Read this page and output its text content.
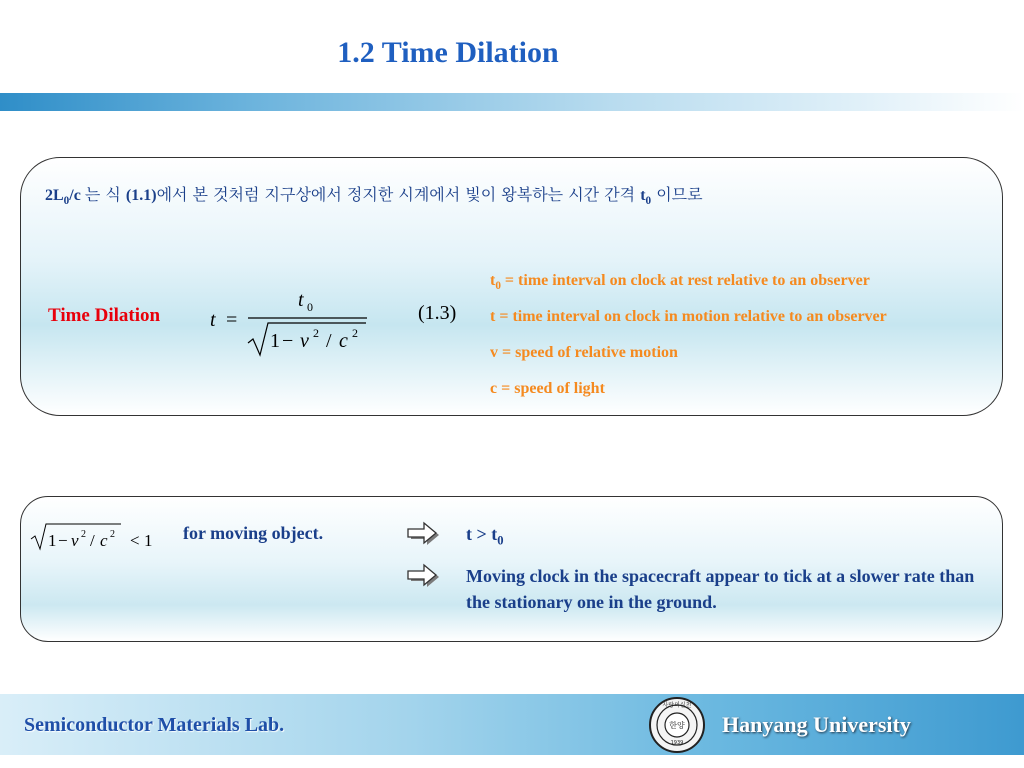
1.2 Time Dilation
$2L_0/c$ 는 식 (1.1)에서 본 것처럼 지구상에서 정지한 시계에서 빛이 왕복하는 시간 간격 $t_0$ 이므로
Time Dilation t =
t 0
1 − v 2 / c 2
(1.3)
$t_0$ = time interval on clock at rest relative to an observer
t = time interval on clock in motion relative to an observer
v = speed of relative motion
c = speed of light
1 − v 2 / c 2 < 1 for moving object.	$t > t_0$
Moving clock in the spacecraft appear to tick at a slower rate than the stationary one in the ground.
Semiconductor Materials Lab.
사랑의실천
한양
1939
Hanyang University
